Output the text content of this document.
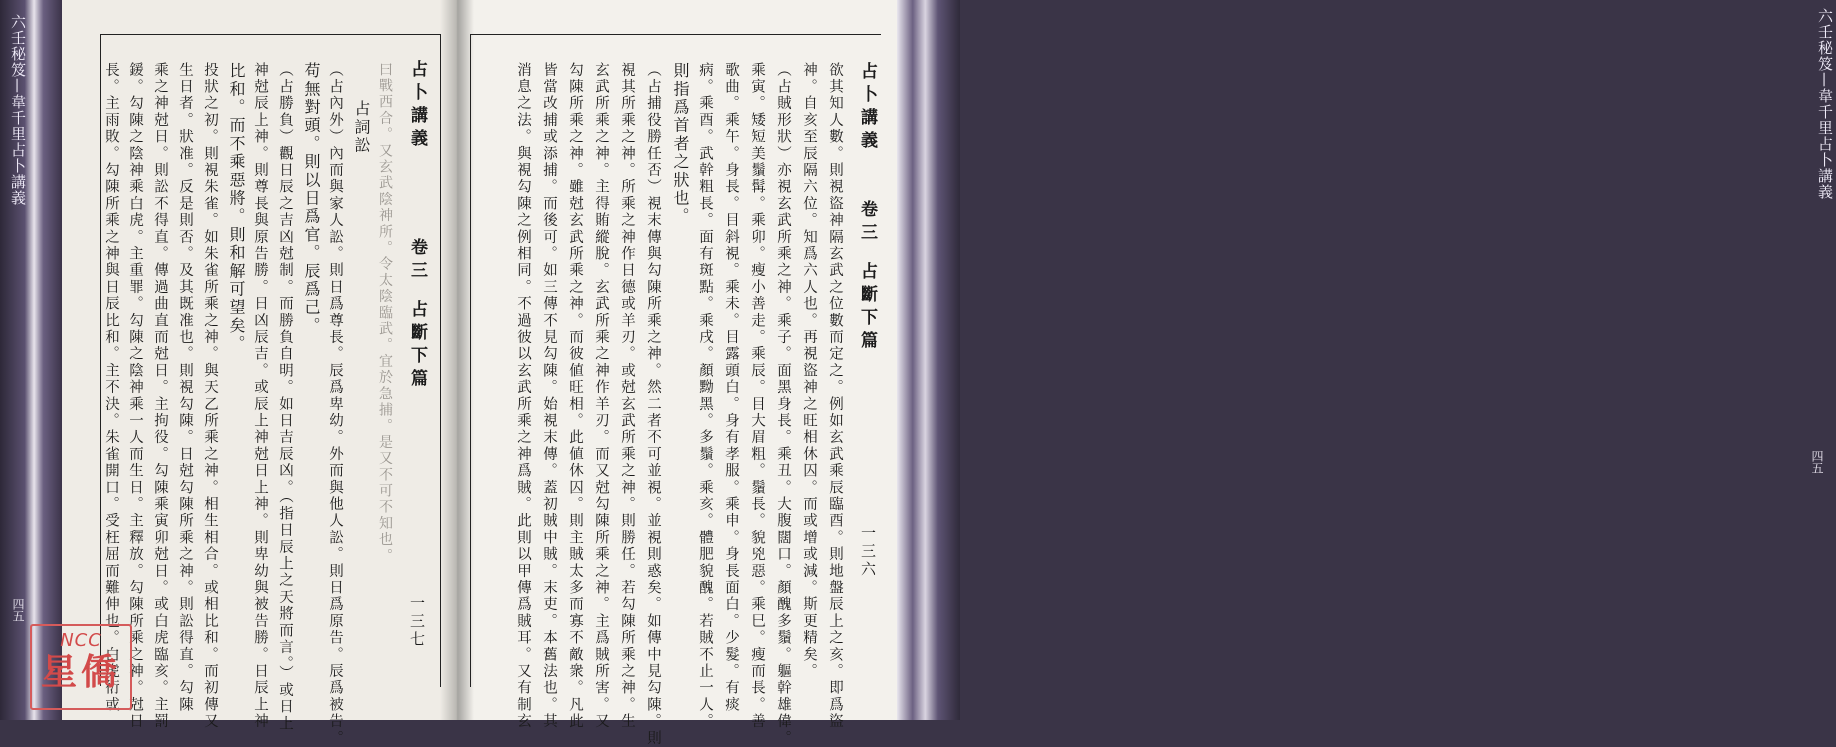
六壬秘笈—韋千里占卜講義
四五
六壬秘笈—韋千里占卜講義
四五
占卜講義
卷三
占斷下篇
一三七
曰戰西合。又玄武陰神所。令太陰臨武。宜於急捕。是又不可不知也。
占詞訟
（占內外）內而與家人訟。則日爲尊長。辰爲卑幼。外而與他人訟。則日爲原告。辰爲被告。
苟無對頭。則以日爲官。辰爲己。
（占勝負）觀日辰之吉凶尅制。而勝負自明。如日吉辰凶。（指日辰上之天將而言。）或日上
神尅辰上神。則尊長與原告勝。日凶辰吉。或辰上神尅日上神。則卑幼與被告勝。日辰上神
比和。而不乘惡將。則和解可望矣。
投狀之初。則視朱雀。如朱雀所乘之神。與天乙所乘之神。相生相合。或相比和。而初傳又
生日者。狀准。反是則否。及其既准也。則視勾陳。日尅勾陳所乘之神。則訟得直。勾陳
乘之神尅日。則訟不得直。傳過曲直而尅日。主拘役。勾陳乘寅卯尅日。或白虎臨亥。主罰
鍰。勾陳之陰神乘白虎。主重罪。勾陳之陰神乘一人而生日。主釋放。勾陳所乘之神。尅日
長。主雨敗。勾陳所乘之神與日辰比和。主不決。朱雀開口。受枉屈而難伸也。白虎衍或	占卜講義
卷三
占斷下篇
一三六
欲其知人數。則視盜神隔玄武之位數而定之。例如玄武乘辰臨酉。則地盤辰上之亥。即爲盜
神。自亥至辰隔六位。知爲六人也。再視盜神之旺相休囚。而或增或減。斯更精矣。
（占賊形狀）亦視玄武所乘之神。乘子。面黑身長。乘丑。大腹闊口。顏醜多鬚。軀幹雄偉。
乘寅。矮短美鬚髯。乘卯。瘦小善走。乘辰。目大眉粗。鬚長。貌兇惡。乘巳。瘦而長。善
歌曲。乘午。身長。目斜視。乘未。目露頭白。身有孝服。乘申。身長面白。少髮。有痰
病。乘酉。武幹粗長。面有斑點。乘戌。顏黝黑。多鬚。乘亥。體肥貌醜。若賊不止一人。
則指爲首者之狀也。
（占捕役勝任否）視末傳與勾陳所乘之神。然二者不可並視。並視則惑矣。如傳中見勾陳。則
視其所乘之神。所乘之神作日德或羊刃。或尅玄武所乘之神。則勝任。若勾陳所乘之神。生
玄武所乘之神。主得賄縱脫。玄武所乘之神作羊刃。而又尅勾陳所乘之神。主爲賊所害。又
勾陳所乘之神。雖尅玄武所乘之神。而彼値旺相。此値休囚。則主賊太多而寡不敵衆。凡此
皆當改捕或添捕。而後可。如三傳不見勾陳。始視末傳。蓋初賊中賊。末吏。本舊法也。其
消息之法。與視勾陳之例相同。不過彼以玄武所乘之神爲賊。此則以甲傳爲賊耳。又有制玄
NCC
星僑
